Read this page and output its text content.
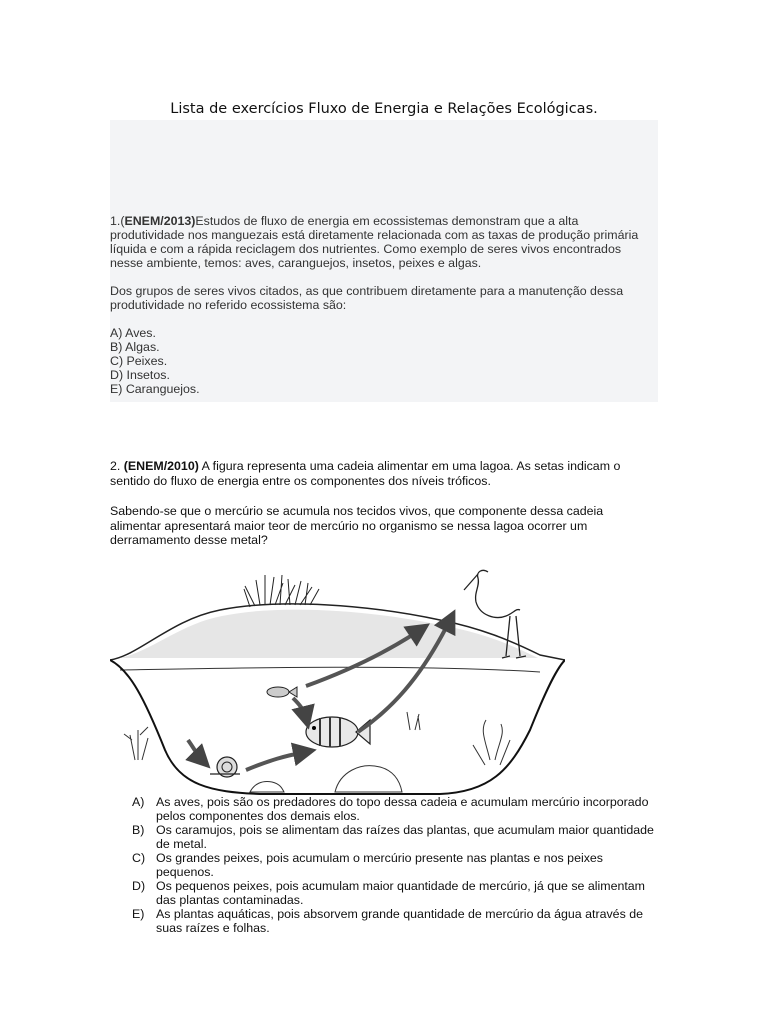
Lista de exercícios Fluxo de Energia e Relações Ecológicas.

1.(ENEM/2013)Estudos de fluxo de energia em ecossistemas demonstram que a alta produtividade nos manguezais está diretamente relacionada com as taxas de produção primária líquida e com a rápida reciclagem dos nutrientes. Como exemplo de seres vivos encontrados nesse ambiente, temos: aves, caranguejos, insetos, peixes e algas.

Dos grupos de seres vivos citados, as que contribuem diretamente para a manutenção dessa produtividade no referido ecossistema são:

A) Aves.
B) Algas.
C) Peixes.
D) Insetos.
E) Caranguejos.

2. (ENEM/2010) A figura representa uma cadeia alimentar em uma lagoa. As setas indicam o sentido do fluxo de energia entre os componentes dos níveis tróficos.

Sabendo-se que o mercúrio se acumula nos tecidos vivos, que componente dessa cadeia alimentar apresentará maior teor de mercúrio no organismo se nessa lagoa ocorrer um derramamento desse metal?

A) As aves, pois são os predadores do topo dessa cadeia e acumulam mercúrio incorporado pelos componentes dos demais elos.
B) Os caramujos, pois se alimentam das raízes das plantas, que acumulam maior quantidade de metal.
C) Os grandes peixes, pois acumulam o mercúrio presente nas plantas e nos peixes pequenos.
D) Os pequenos peixes, pois acumulam maior quantidade de mercúrio, já que se alimentam das plantas contaminadas.
E) As plantas aquáticas, pois absorvem grande quantidade de mercúrio da água através de suas raízes e folhas.
